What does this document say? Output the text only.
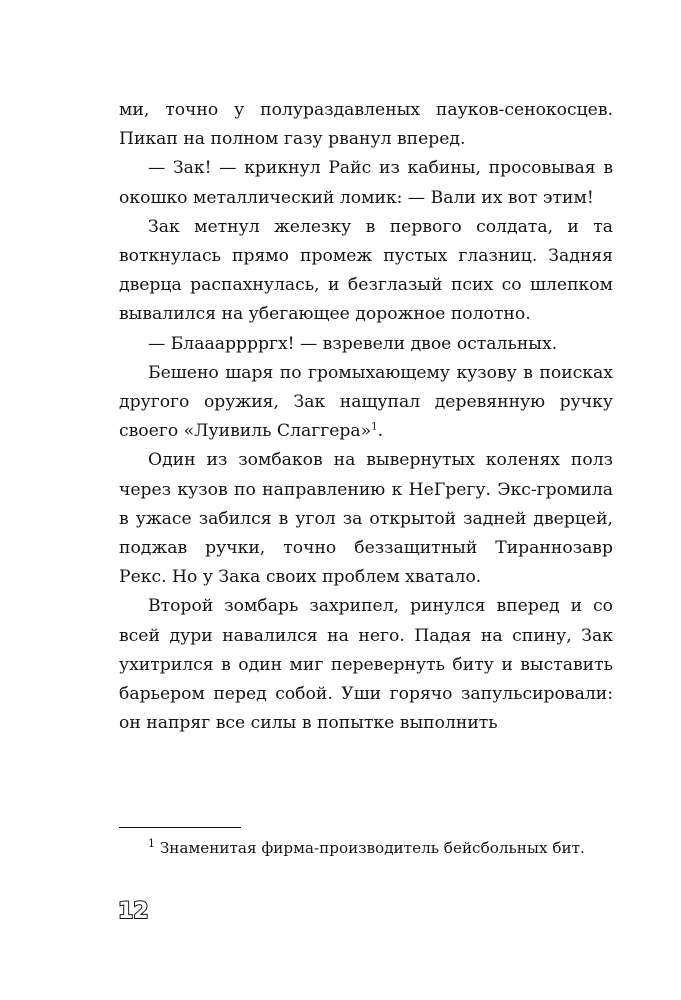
ми, точно у полураздавленых пауков-сенокосцев. Пикап на полном газу рванул вперед.

— Зак! — крикнул Райс из кабины, просовывая в окошко металлический ломик: — Вали их вот этим!

Зак метнул железку в первого солдата, и та воткнулась прямо промеж пустых глазниц. Задняя дверца распахнулась, и безглазый псих со шлепком вывалился на убегающее дорожное полотно.

— Блааарррргх! — взревели двое остальных.

Бешено шаря по громыхающему кузову в поисках другого оружия, Зак нащупал деревянную ручку своего «Луивиль Слаггера»$^1$.

Один из зомбаков на вывернутых коленях полз через кузов по направлению к НеГрегу. Экс-громила в ужасе забился в угол за открытой задней дверцей, поджав ручки, точно беззащитный Тираннозавр Рекс. Но у Зака своих проблем хватало.

Второй зомбарь захрипел, ринулся вперед и со всей дури навалился на него. Падая на спину, Зак ухитрился в один миг перевернуть биту и выставить барьером перед собой. Уши горячо запульсировали: он напряг все силы в попытке выполнить

$^1$ Знаменитая фирма-производитель бейсбольных бит.

12
